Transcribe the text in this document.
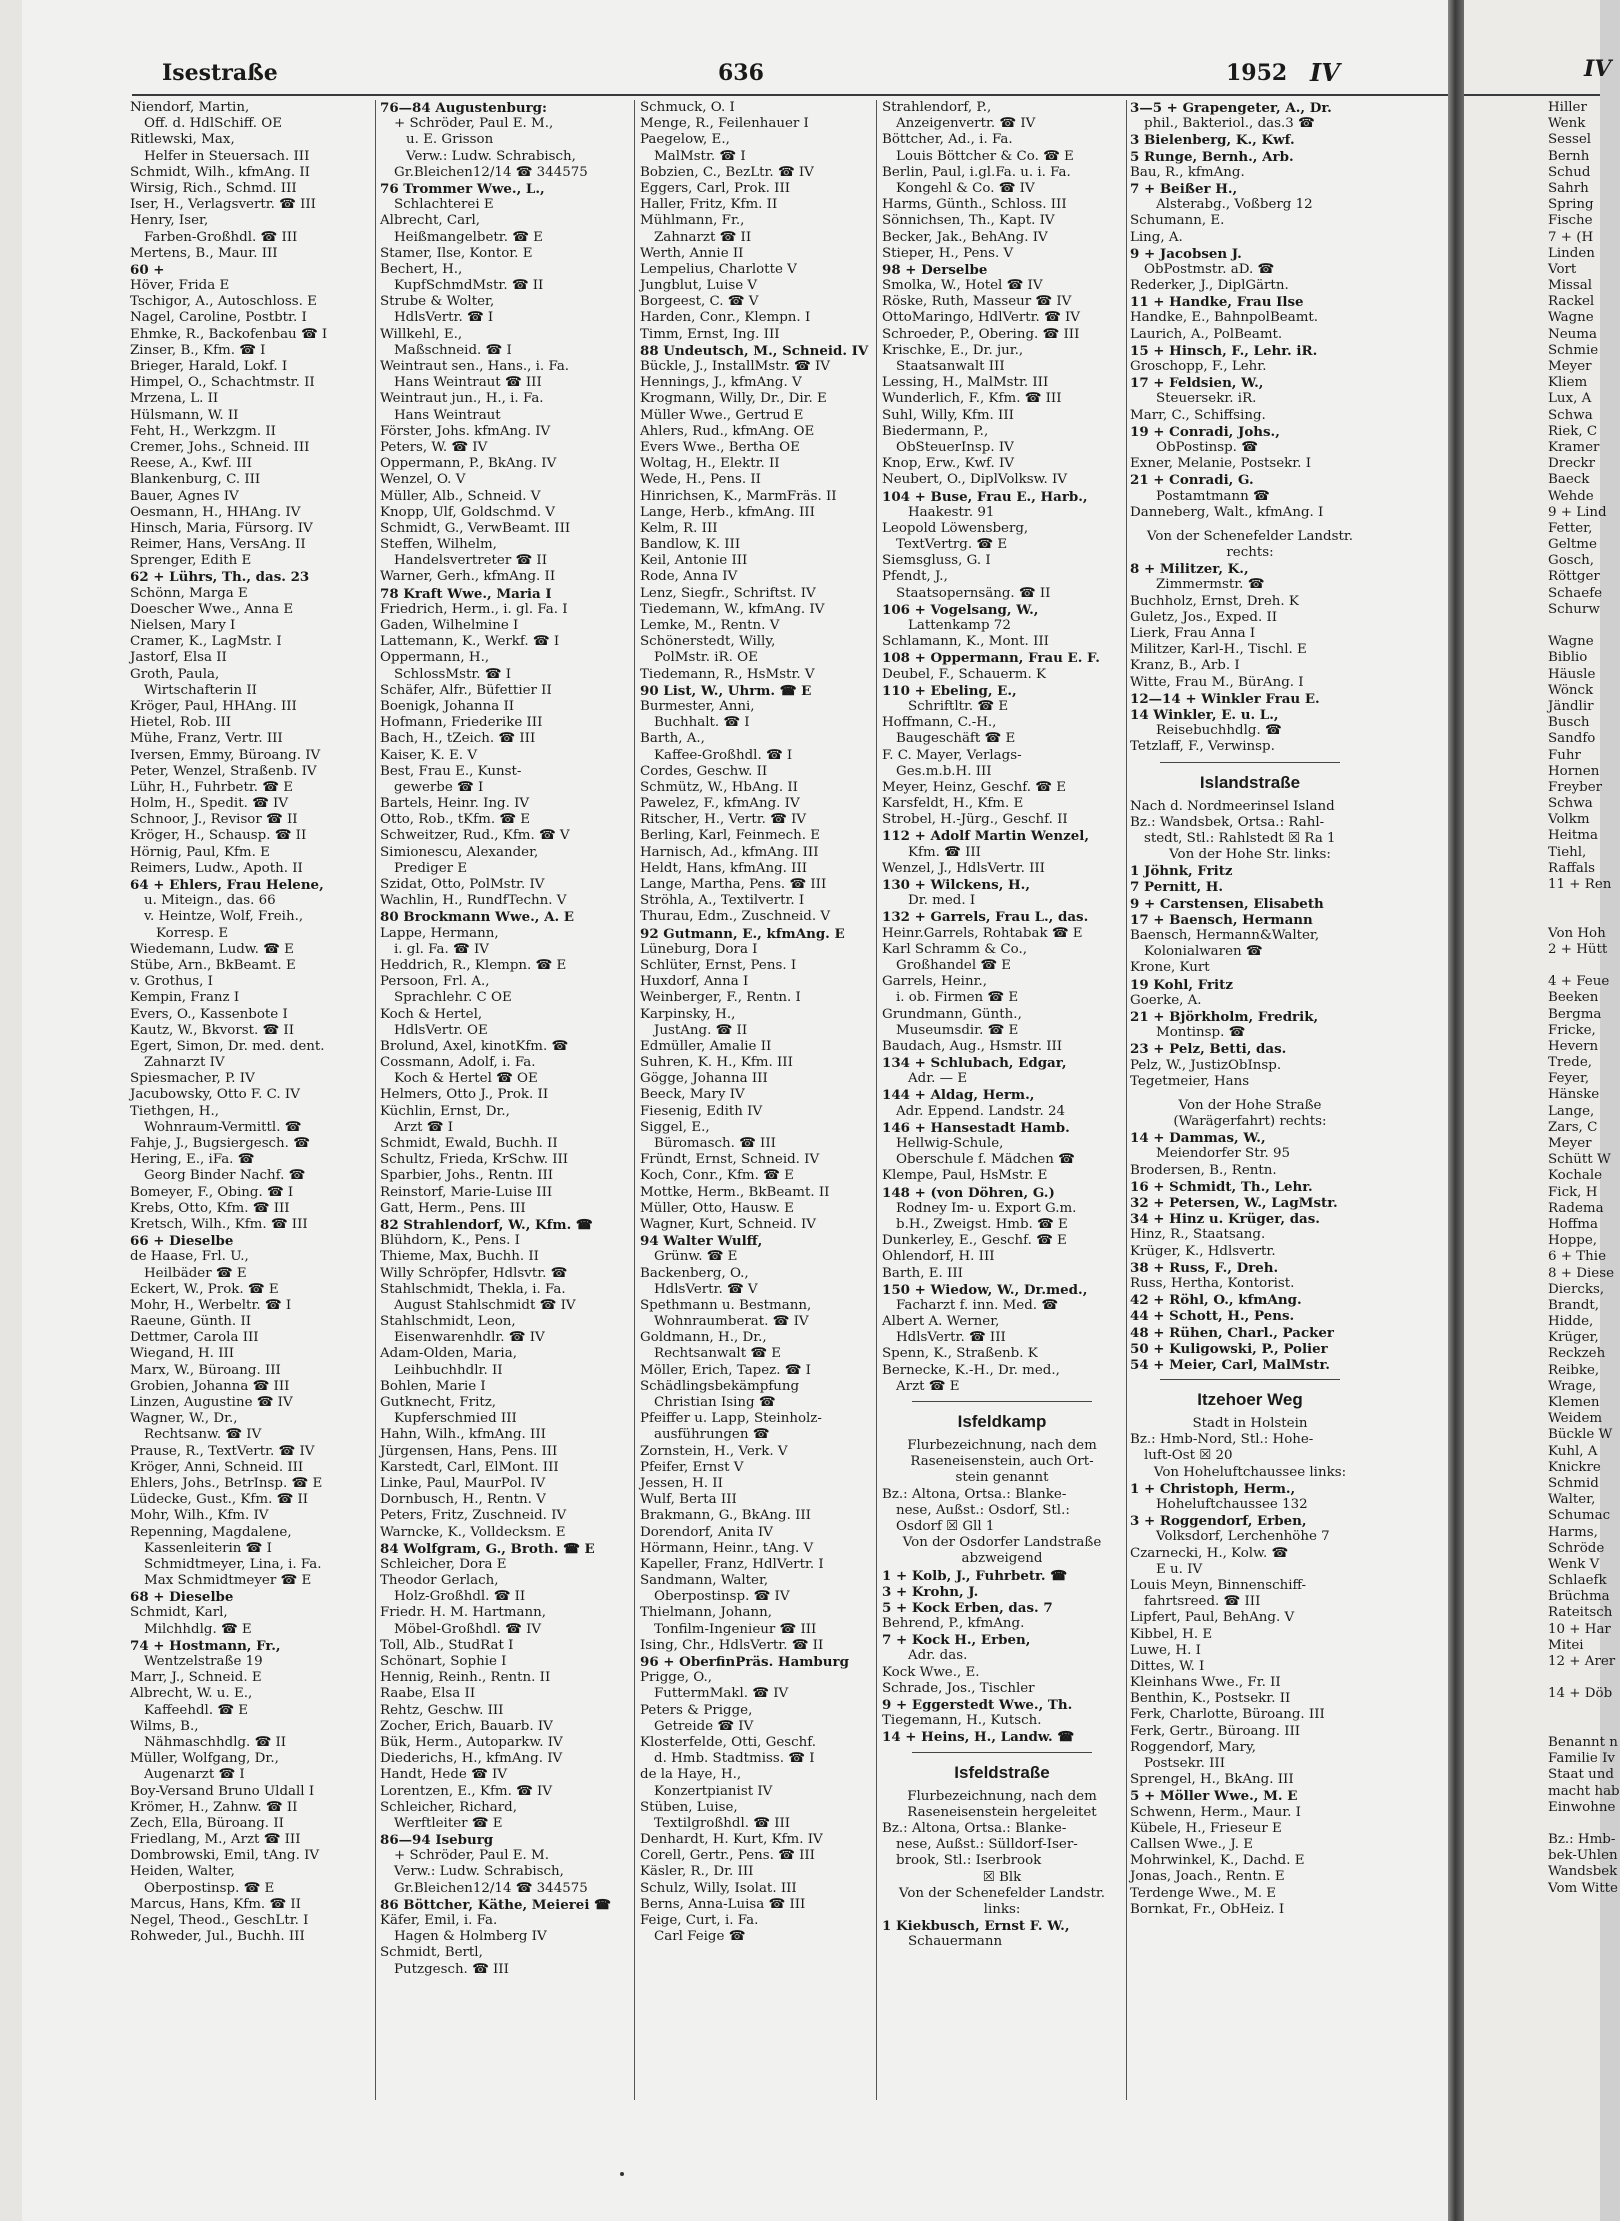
Isestraße	636	1952 IV
Niendorf, Martin,
Off. d. HdlSchiff. OE
Ritlewski, Max,
Helfer in Steuersach. III
Schmidt, Wilh., kfmAng. II
Wirsig, Rich., Schmd. III
Iser, H., Verlagsvertr. ☎ III
Henry, Iser,
Farben-Großhdl. ☎ III
Mertens, B., Maur. III
60 +
Höver, Frida E
Tschigor, A., Autoschloss. E
Nagel, Caroline, Postbtr. I
Ehmke, R., Backofenbau ☎ I
Zinser, B., Kfm. ☎ I
Brieger, Harald, Lokf. I
Himpel, O., Schachtmstr. II
Mrzena, L. II
Hülsmann, W. II
Feht, H., Werkzgm. II
Cremer, Johs., Schneid. III
Reese, A., Kwf. III
Blankenburg, C. III
Bauer, Agnes IV
Oesmann, H., HHAng. IV
Hinsch, Maria, Fürsorg. IV
Reimer, Hans, VersAng. II
Sprenger, Edith E
62 + Lührs, Th., das. 23
Schönn, Marga E
Doescher Wwe., Anna E
Nielsen, Mary I
Cramer, K., LagMstr. I
Jastorf, Elsa II
Groth, Paula,
Wirtschafterin II
Kröger, Paul, HHAng. III
Hietel, Rob. III
Mühe, Franz, Vertr. III
Iversen, Emmy, Büroang. IV
Peter, Wenzel, Straßenb. IV
Lühr, H., Fuhrbetr. ☎ E
Holm, H., Spedit. ☎ IV
Schnoor, J., Revisor ☎ II
Kröger, H., Schausp. ☎ II
Hörnig, Paul, Kfm. E
Reimers, Ludw., Apoth. II
64 + Ehlers, Frau Helene,
u. Miteign., das. 66
v. Heintze, Wolf, Freih.,
Korresp. E
Wiedemann, Ludw. ☎ E
Stübe, Arn., BkBeamt. E
v. Grothus, I
Kempin, Franz I
Evers, O., Kassenbote I
Kautz, W., Bkvorst. ☎ II
Egert, Simon, Dr. med. dent.
Zahnarzt IV
Spiesmacher, P. IV
Jacubowsky, Otto F. C. IV
Tiethgen, H.,
Wohnraum-Vermittl. ☎
Fahje, J., Bugsiergesch. ☎
Hering, E., iFa. ☎
Georg Binder Nachf. ☎
Bomeyer, F., Obing. ☎ I
Krebs, Otto, Kfm. ☎ III
Kretsch, Wilh., Kfm. ☎ III
66 + Dieselbe
de Haase, Frl. U.,
Heilbäder ☎ E
Eckert, W., Prok. ☎ E
Mohr, H., Werbeltr. ☎ I
Raeune, Günth. II
Dettmer, Carola III
Wiegand, H. III
Marx, W., Büroang. III
Grobien, Johanna ☎ III
Linzen, Augustine ☎ IV
Wagner, W., Dr.,
Rechtsanw. ☎ IV
Prause, R., TextVertr. ☎ IV
Kröger, Anni, Schneid. III
Ehlers, Johs., BetrInsp. ☎ E
Lüdecke, Gust., Kfm. ☎ II
Mohr, Wilh., Kfm. IV
Repenning, Magdalene,
Kassenleiterin ☎ I
Schmidtmeyer, Lina, i. Fa.
Max Schmidtmeyer ☎ E
68 + Dieselbe
Schmidt, Karl,
Milchhdlg. ☎ E
74 + Hostmann, Fr.,
Wentzelstraße 19
Marr, J., Schneid. E
Albrecht, W. u. E.,
Kaffeehdl. ☎ E
Wilms, B.,
Nähmaschhdlg. ☎ II
Müller, Wolfgang, Dr.,
Augenarzt ☎ I
Boy-Versand Bruno Uldall I
Krömer, H., Zahnw. ☎ II
Zech, Ella, Büroang. II
Friedlang, M., Arzt ☎ III
Dombrowski, Emil, tAng. IV
Heiden, Walter,
Oberpostinsp. ☎ E
Marcus, Hans, Kfm. ☎ II
Negel, Theod., GeschLtr. I
Rohweder, Jul., Buchh. III
76—84 Augustenburg:
+ Schröder, Paul E. M.,
u. E. Grisson
Verw.: Ludw. Schrabisch,
Gr.Bleichen12/14 ☎ 344575
76 Trommer Wwe., L.,
Schlachterei E
Albrecht, Carl,
Heißmangelbetr. ☎ E
Stamer, Ilse, Kontor. E
Bechert, H.,
KupfSchmdMstr. ☎ II
Strube & Wolter,
HdlsVertr. ☎ I
Willkehl, E.,
Maßschneid. ☎ I
Weintraut sen., Hans., i. Fa.
Hans Weintraut ☎ III
Weintraut jun., H., i. Fa.
Hans Weintraut
Förster, Johs. kfmAng. IV
Peters, W. ☎ IV
Oppermann, P., BkAng. IV
Wenzel, O. V
Müller, Alb., Schneid. V
Knopp, Ulf, Goldschmd. V
Schmidt, G., VerwBeamt. III
Steffen, Wilhelm,
Handelsvertreter ☎ II
Warner, Gerh., kfmAng. II
78 Kraft Wwe., Maria I
Friedrich, Herm., i. gl. Fa. I
Gaden, Wilhelmine I
Lattemann, K., Werkf. ☎ I
Oppermann, H.,
SchlossMstr. ☎ I
Schäfer, Alfr., Büfettier II
Boenigk, Johanna II
Hofmann, Friederike III
Bach, H., tZeich. ☎ III
Kaiser, K. E. V
Best, Frau E., Kunst-
gewerbe ☎ I
Bartels, Heinr. Ing. IV
Otto, Rob., tKfm. ☎ E
Schweitzer, Rud., Kfm. ☎ V
Simionescu, Alexander,
Prediger E
Szidat, Otto, PolMstr. IV
Wachlin, H., RundfTechn. V
80 Brockmann Wwe., A. E
Lappe, Hermann,
i. gl. Fa. ☎ IV
Heddrich, R., Klempn. ☎ E
Persoon, Frl. A.,
Sprachlehr. C OE
Koch & Hertel,
HdlsVertr. OE
Brolund, Axel, kinotKfm. ☎
Cossmann, Adolf, i. Fa.
Koch & Hertel ☎ OE
Helmers, Otto J., Prok. II
Küchlin, Ernst, Dr.,
Arzt ☎ I
Schmidt, Ewald, Buchh. II
Schultz, Frieda, KrSchw. III
Sparbier, Johs., Rentn. III
Reinstorf, Marie-Luise III
Gatt, Herm., Pens. III
82 Strahlendorf, W., Kfm. ☎
Blühdorn, K., Pens. I
Thieme, Max, Buchh. II
Willy Schröpfer, Hdlsvtr. ☎
Stahlschmidt, Thekla, i. Fa.
August Stahlschmidt ☎ IV
Stahlschmidt, Leon,
Eisenwarenhdlr. ☎ IV
Adam-Olden, Maria,
Leihbuchhdlr. II
Bohlen, Marie I
Gutknecht, Fritz,
Kupferschmied III
Hahn, Wilh., kfmAng. III
Jürgensen, Hans, Pens. III
Karstedt, Carl, ElMont. III
Linke, Paul, MaurPol. IV
Dornbusch, H., Rentn. V
Peters, Fritz, Zuschneid. IV
Warncke, K., Volldecksm. E
84 Wolfgram, G., Broth. ☎ E
Schleicher, Dora E
Theodor Gerlach,
Holz-Großhdl. ☎ II
Friedr. H. M. Hartmann,
Möbel-Großhdl. ☎ IV
Toll, Alb., StudRat I
Schönart, Sophie I
Hennig, Reinh., Rentn. II
Raabe, Elsa II
Rehtz, Geschw. III
Zocher, Erich, Bauarb. IV
Bük, Herm., Autoparkw. IV
Diederichs, H., kfmAng. IV
Handt, Hede ☎ IV
Lorentzen, E., Kfm. ☎ IV
Schleicher, Richard,
Werftleiter ☎ E
86—94 Iseburg
+ Schröder, Paul E. M.
Verw.: Ludw. Schrabisch,
Gr.Bleichen12/14 ☎ 344575
86 Böttcher, Käthe, Meierei ☎
Käfer, Emil, i. Fa.
Hagen & Holmberg IV
Schmidt, Bertl,
Putzgesch. ☎ III
Schmuck, O. I
Menge, R., Feilenhauer I
Paegelow, E.,
MalMstr. ☎ I
Bobzien, C., BezLtr. ☎ IV
Eggers, Carl, Prok. III
Haller, Fritz, Kfm. II
Mühlmann, Fr.,
Zahnarzt ☎ II
Werth, Annie II
Lempelius, Charlotte V
Jungblut, Luise V
Borgeest, C. ☎ V
Harden, Conr., Klempn. I
Timm, Ernst, Ing. III
88 Undeutsch, M., Schneid. IV
Bückle, J., InstallMstr. ☎ IV
Hennings, J., kfmAng. V
Krogmann, Willy, Dr., Dir. E
Müller Wwe., Gertrud E
Ahlers, Rud., kfmAng. OE
Evers Wwe., Bertha OE
Woltag, H., Elektr. II
Wede, H., Pens. II
Hinrichsen, K., MarmFräs. II
Lange, Herb., kfmAng. III
Kelm, R. III
Bandlow, K. III
Keil, Antonie III
Rode, Anna IV
Lenz, Siegfr., Schriftst. IV
Tiedemann, W., kfmAng. IV
Lemke, M., Rentn. V
Schönerstedt, Willy,
PolMstr. iR. OE
Tiedemann, R., HsMstr. V
90 List, W., Uhrm. ☎ E
Burmester, Anni,
Buchhalt. ☎ I
Barth, A.,
Kaffee-Großhdl. ☎ I
Cordes, Geschw. II
Schmütz, W., HbAng. II
Pawelez, F., kfmAng. IV
Ritscher, H., Vertr. ☎ IV
Berling, Karl, Feinmech. E
Harnisch, Ad., kfmAng. III
Heldt, Hans, kfmAng. III
Lange, Martha, Pens. ☎ III
Ströhla, A., Textilvertr. I
Thurau, Edm., Zuschneid. V
92 Gutmann, E., kfmAng. E
Lüneburg, Dora I
Schlüter, Ernst, Pens. I
Huxdorf, Anna I
Weinberger, F., Rentn. I
Karpinsky, H.,
JustAng. ☎ II
Edmüller, Amalie II
Suhren, K. H., Kfm. III
Gögge, Johanna III
Beeck, Mary IV
Fiesenig, Edith IV
Siggel, E.,
Büromasch. ☎ III
Fründt, Ernst, Schneid. IV
Koch, Conr., Kfm. ☎ E
Mottke, Herm., BkBeamt. II
Müller, Otto, Hausw. E
Wagner, Kurt, Schneid. IV
94 Walter Wulff,
Grünw. ☎ E
Backenberg, O.,
HdlsVertr. ☎ V
Spethmann u. Bestmann,
Wohnraumberat. ☎ IV
Goldmann, H., Dr.,
Rechtsanwalt ☎ E
Möller, Erich, Tapez. ☎ I
Schädlingsbekämpfung
Christian Ising ☎
Pfeiffer u. Lapp, Steinholz-
ausführungen ☎
Zornstein, H., Verk. V
Pfeifer, Ernst V
Jessen, H. II
Wulf, Berta III
Brakmann, G., BkAng. III
Dorendorf, Anita IV
Hörmann, Heinr., tAng. V
Kapeller, Franz, HdlVertr. I
Sandmann, Walter,
Oberpostinsp. ☎ IV
Thielmann, Johann,
Tonfilm-Ingenieur ☎ III
Ising, Chr., HdlsVertr. ☎ II
96 + OberfinPräs. Hamburg
Prigge, O.,
FuttermMakl. ☎ IV
Peters & Prigge,
Getreide ☎ IV
Klosterfelde, Otti, Geschf.
d. Hmb. Stadtmiss. ☎ I
de la Haye, H.,
Konzertpianist IV
Stüben, Luise,
Textilgroßhdl. ☎ III
Denhardt, H. Kurt, Kfm. IV
Corell, Gertr., Pens. ☎ III
Käsler, R., Dr. III
Schulz, Willy, Isolat. III
Berns, Anna-Luisa ☎ III
Feige, Curt, i. Fa.
Carl Feige ☎
Strahlendorf, P.,
Anzeigenvertr. ☎ IV
Böttcher, Ad., i. Fa.
Louis Böttcher & Co. ☎ E
Berlin, Paul, i.gl.Fa. u. i. Fa.
Kongehl & Co. ☎ IV
Harms, Günth., Schloss. III
Sönnichsen, Th., Kapt. IV
Becker, Jak., BehAng. IV
Stieper, H., Pens. V
98 + Derselbe
Smolka, W., Hotel ☎ IV
Röske, Ruth, Masseur ☎ IV
OttoMaringo, HdlVertr. ☎ IV
Schroeder, P., Obering. ☎ III
Krischke, E., Dr. jur.,
Staatsanwalt III
Lessing, H., MalMstr. III
Wunderlich, F., Kfm. ☎ III
Suhl, Willy, Kfm. III
Biedermann, P.,
ObSteuerInsp. IV
Knop, Erw., Kwf. IV
Neubert, O., DiplVolksw. IV
104 + Buse, Frau E., Harb.,
Haakestr. 91
Leopold Löwensberg,
TextVertrg. ☎ E
Siemsgluss, G. I
Pfendt, J.,
Staatsopernsäng. ☎ II
106 + Vogelsang, W.,
Lattenkamp 72
Schlamann, K., Mont. III
108 + Oppermann, Frau E. F.
Deubel, F., Schauerm. K
110 + Ebeling, E.,
Schriftltr. ☎ E
Hoffmann, C.-H.,
Baugeschäft ☎ E
F. C. Mayer, Verlags-
Ges.m.b.H. III
Meyer, Heinz, Geschf. ☎ E
Karsfeldt, H., Kfm. E
Strobel, H.-Jürg., Geschf. II
112 + Adolf Martin Wenzel,
Kfm. ☎ III
Wenzel, J., HdlsVertr. III
130 + Wilckens, H.,
Dr. med. I
132 + Garrels, Frau L., das.
Heinr.Garrels, Rohtabak ☎ E
Karl Schramm & Co.,
Großhandel ☎ E
Garrels, Heinr.,
i. ob. Firmen ☎ E
Grundmann, Günth.,
Museumsdir. ☎ E
Baudach, Aug., Hsmstr. III
134 + Schlubach, Edgar,
Adr. — E
144 + Aldag, Herm.,
Adr. Eppend. Landstr. 24
146 + Hansestadt Hamb.
Hellwig-Schule,
Oberschule f. Mädchen ☎
Klempe, Paul, HsMstr. E
148 + (von Döhren, G.)
Rodney Im- u. Export G.m.
b.H., Zweigst. Hmb. ☎ E
Dunkerley, E., Geschf. ☎ E
Ohlendorf, H. III
Barth, E. III
150 + Wiedow, W., Dr.med.,
Facharzt f. inn. Med. ☎
Albert A. Werner,
HdlsVertr. ☎ III
Spenn, K., Straßenb. K
Bernecke, K.-H., Dr. med.,
Arzt ☎ E
Isfeldkamp
Flurbezeichnung, nach dem
Raseneisenstein, auch Ort-
stein genannt
Bz.: Altona, Ortsa.: Blanke-
nese, Außst.: Osdorf, Stl.:
Osdorf ☒ Gll 1
Von der Osdorfer Landstraße
abzweigend
1 + Kolb, J., Fuhrbetr. ☎
3 + Krohn, J.
5 + Kock Erben, das. 7
Behrend, P., kfmAng.
7 + Kock H., Erben,
Adr. das.
Kock Wwe., E.
Schrade, Jos., Tischler
9 + Eggerstedt Wwe., Th.
Tiegemann, H., Kutsch.
14 + Heins, H., Landw. ☎
Isfeldstraße
Flurbezeichnung, nach dem
Raseneisenstein hergeleitet
Bz.: Altona, Ortsa.: Blanke-
nese, Außst.: Sülldorf-Iser-
brook, Stl.: Iserbrook
☒ Blk
Von der Schenefelder Landstr.
links:
1 Kiekbusch, Ernst F. W.,
Schauermann
3—5 + Grapengeter, A., Dr.
phil., Bakteriol., das.3 ☎
3 Bielenberg, K., Kwf.
5 Runge, Bernh., Arb.
Bau, R., kfmAng.
7 + Beißer H.,
Alsterabg., Voßberg 12
Schumann, E.
Ling, A.
9 + Jacobsen J.
ObPostmstr. aD. ☎
Rederker, J., DiplGärtn.
11 + Handke, Frau Ilse
Handke, E., BahnpolBeamt.
Laurich, A., PolBeamt.
15 + Hinsch, F., Lehr. iR.
Groschopp, F., Lehr.
17 + Feldsien, W.,
Steuersekr. iR.
Marr, C., Schiffsing.
19 + Conradi, Johs.,
ObPostinsp. ☎
Exner, Melanie, Postsekr. I
21 + Conradi, G.
Postamtmann ☎
Danneberg, Walt., kfmAng. I
Von der Schenefelder Landstr.
rechts:
8 + Militzer, K.,
Zimmermstr. ☎
Buchholz, Ernst, Dreh. K
Guletz, Jos., Exped. II
Lierk, Frau Anna I
Militzer, Karl-H., Tischl. E
Kranz, B., Arb. I
Witte, Frau M., BürAng. I
12—14 + Winkler Frau E.
14 Winkler, E. u. L.,
Reisebuchhdlg. ☎
Tetzlaff, F., Verwinsp.
Islandstraße
Nach d. Nordmeerinsel Island
Bz.: Wandsbek, Ortsa.: Rahl-
stedt, Stl.: Rahlstedt ☒ Ra 1
Von der Hohe Str. links:
1 Jöhnk, Fritz
7 Pernitt, H.
9 + Carstensen, Elisabeth
17 + Baensch, Hermann
Baensch, Hermann&Walter,
Kolonialwaren ☎
Krone, Kurt
19 Kohl, Fritz
Goerke, A.
21 + Björkholm, Fredrik,
Montinsp. ☎
23 + Pelz, Betti, das.
Pelz, W., JustizObInsp.
Tegetmeier, Hans
Von der Hohe Straße
(Warägerfahrt) rechts:
14 + Dammas, W.,
Meiendorfer Str. 95
Brodersen, B., Rentn.
16 + Schmidt, Th., Lehr.
32 + Petersen, W., LagMstr.
34 + Hinz u. Krüger, das.
Hinz, R., Staatsang.
Krüger, K., Hdlsvertr.
38 + Russ, F., Dreh.
Russ, Hertha, Kontorist.
42 + Röhl, O., kfmAng.
44 + Schott, H., Pens.
48 + Rühen, Charl., Packer
50 + Kuligowski, P., Polier
54 + Meier, Carl, MalMstr.
Itzehoer Weg
Stadt in Holstein
Bz.: Hmb-Nord, Stl.: Hohe-
luft-Ost ☒ 20
Von Hoheluftchaussee links:
1 + Christoph, Herm.,
Hoheluftchaussee 132
3 + Roggendorf, Erben,
Volksdorf, Lerchenhöhe 7
Czarnecki, H., Kolw. ☎
E u. IV
Louis Meyn, Binnenschiff-
fahrtsreed. ☎ III
Lipfert, Paul, BehAng. V
Kibbel, H. E
Luwe, H. I
Dittes, W. I
Kleinhans Wwe., Fr. II
Benthin, K., Postsekr. II
Ferk, Charlotte, Büroang. III
Ferk, Gertr., Büroang. III
Roggendorf, Mary,
Postsekr. III
Sprengel, H., BkAng. III
5 + Möller Wwe., M. E
Schwenn, Herm., Maur. I
Kübele, H., Frieseur E
Callsen Wwe., J. E
Mohrwinkel, K., Dachd. E
Jonas, Joach., Rentn. E
Terdenge Wwe., M. E
Bornkat, Fr., ObHeiz. I
IV
Hiller
Wenk
Sessel
Bernh
Schud
Sahrh
Spring
Fische
7 + (H
Linden
Vort
Missal
Rackel
Wagne
Neuma
Schmie
Meyer
Kliem
Lux, A
Schwa
Riek, C
Kramer
Dreckr
Baeck
Wehde
9 + Lind
Fetter,
Geltme
Gosch,
Röttger
Schaefe
Schurw
Wagne
Biblio
Häusle
Wönck
Jändlir
Busch
Sandfo
Fuhr
Hornen
Freyber
Schwa
Volkm
Heitma
Tiehl,
Raffals
11 + Ren
Von Hoh
2 + Hütt
4 + Feue
Beeken
Bergma
Fricke,
Hevern
Trede,
Feyer,
Hänske
Lange,
Zars, C
Meyer
Schütt W
Kochale
Fick, H
Radema
Hoffma
Hoppe,
6 + Thie
8 + Diese
Diercks,
Brandt,
Hidde,
Krüger,
Reckzeh
Reibke,
Wrage,
Klemen
Weidem
Bückle W
Kuhl, A
Knickre
Schmid
Walter,
Schumac
Harms,
Schröde
Wenk V
Schlaefk
Brüchma
Rateitsch
10 + Har
Mitei
12 + Arer
14 + Döb
Benannt n
Familie Iv
Staat und
macht hab
Einwohne
Bz.: Hmb-
bek-Uhlen
Wandsbek
Vom Witte
